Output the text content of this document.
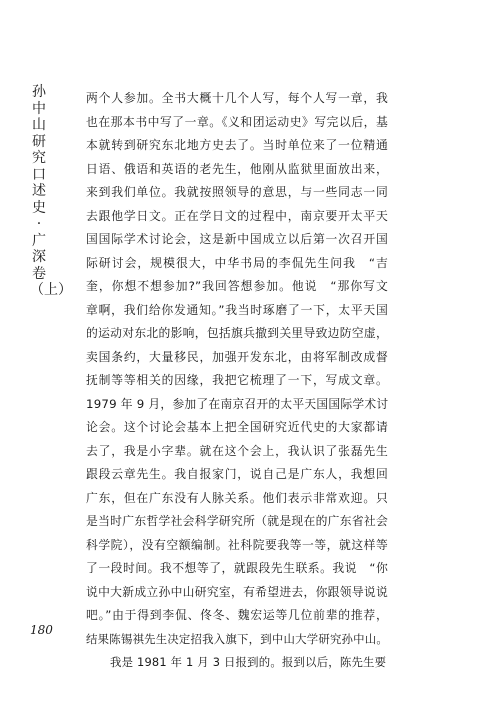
孙中山研究口述史·广深卷（上）
两个人参加。全书大概十几个人写，每个人写一章，我
也在那本书中写了一章。《义和团运动史》写完以后，基
本就转到研究东北地方史去了。当时单位来了一位精通
日语、俄语和英语的老先生，他刚从监狱里面放出来，
来到我们单位。我就按照领导的意思，与一些同志一同
去跟他学日文。正在学日文的过程中，南京要开太平天
国国际学术讨论会，这是新中国成立以后第一次召开国
际研讨会，规模很大，中华书局的李侃先生问我　“吉
奎，你想不想参加?”我回答想参加。他说　“那你写文
章啊，我们给你发通知。”我当时琢磨了一下，太平天国
的运动对东北的影响，包括旗兵撤到关里导致边防空虚，
卖国条约，大量移民，加强开发东北，由将军制改成督
抚制等等相关的因缘，我把它梳理了一下，写成文章。
1979 年 9 月，参加了在南京召开的太平天国国际学术讨
论会。这个讨论会基本上把全国研究近代史的大家都请
去了，我是小字辈。就在这个会上，我认识了张磊先生
跟段云章先生。我自报家门，说自己是广东人，我想回
广东，但在广东没有人脉关系。他们表示非常欢迎。只
是当时广东哲学社会科学研究所（就是现在的广东省社会
科学院），没有空额编制。社科院要我等一等，就这样等
了一段时间。我不想等了，就跟段先生联系。我说　“你
说中大新成立孙中山研究室，有希望进去，你跟领导说说
吧。”由于得到李侃、佟冬、魏宏运等几位前辈的推荐，
结果陈锡祺先生决定招我入旗下，到中山大学研究孙中山。
我是 1981 年 1 月 3 日报到的。报到以后，陈先生要
180
